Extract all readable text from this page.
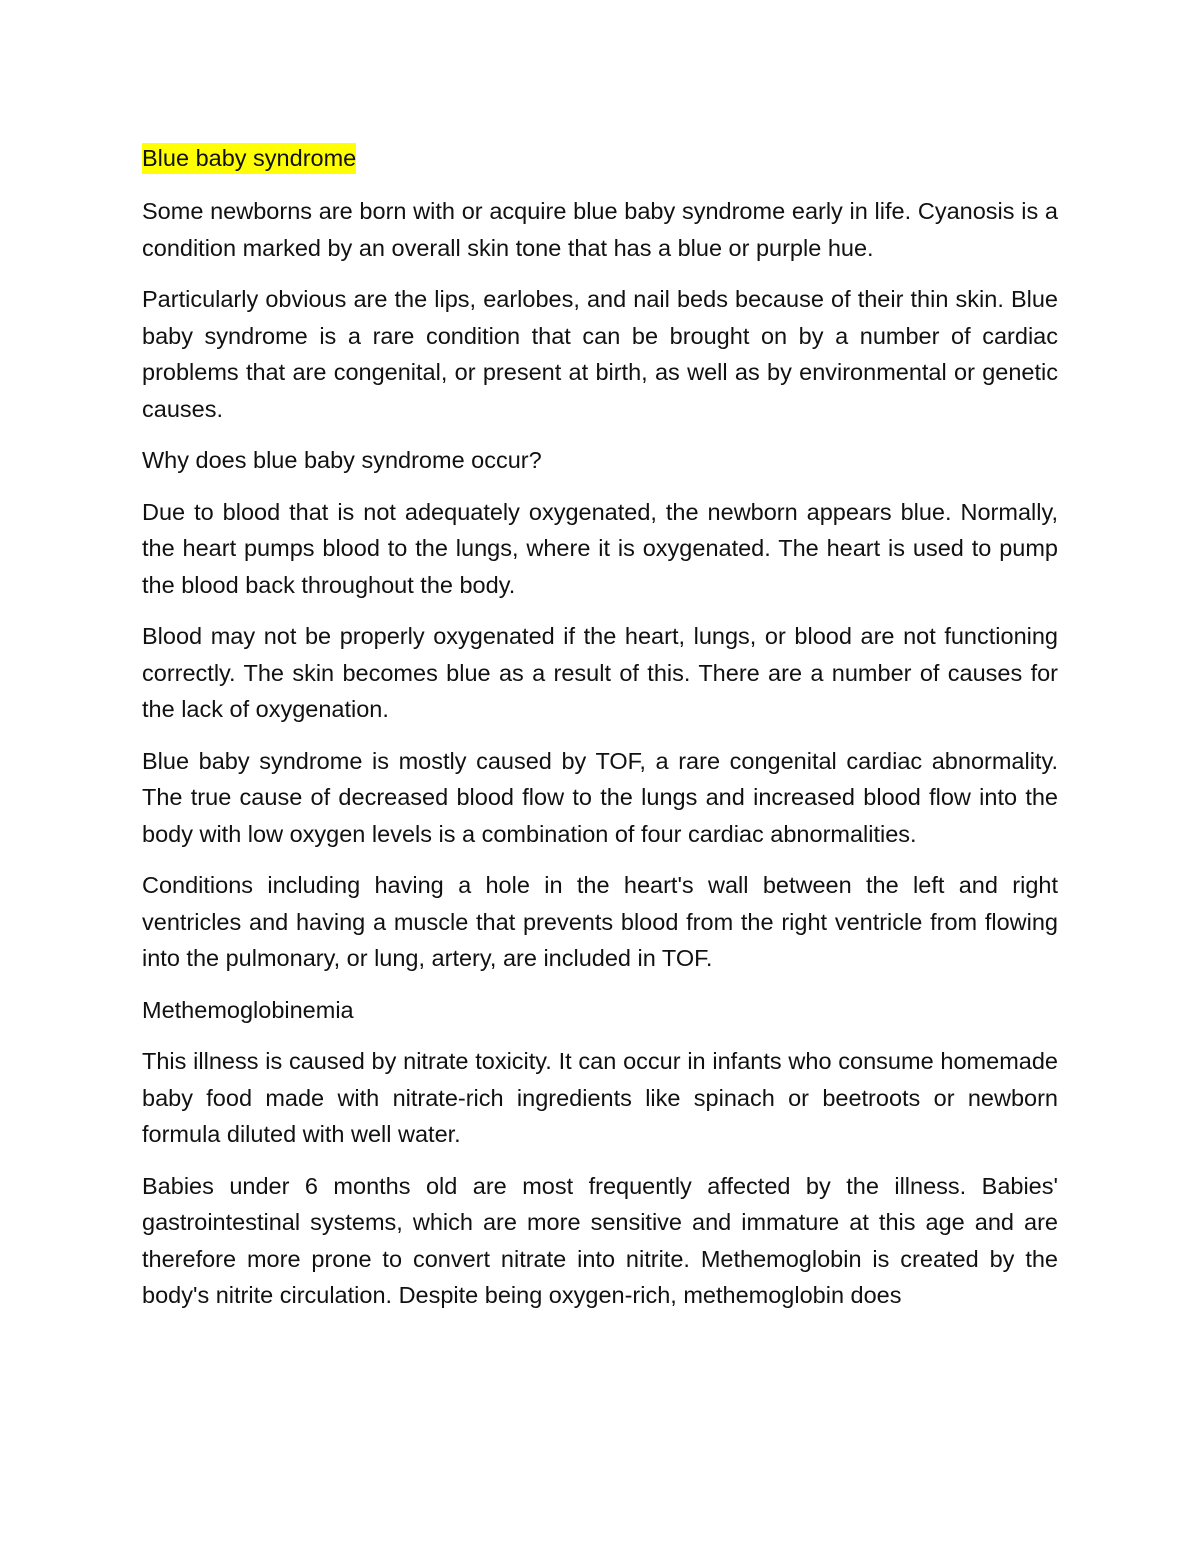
Blue baby syndrome

Some newborns are born with or acquire blue baby syndrome early in life. Cyanosis is a condition marked by an overall skin tone that has a blue or purple hue.

Particularly obvious are the lips, earlobes, and nail beds because of their thin skin. Blue baby syndrome is a rare condition that can be brought on by a number of cardiac problems that are congenital, or present at birth, as well as by environmental or genetic causes.

Why does blue baby syndrome occur?

Due to blood that is not adequately oxygenated, the newborn appears blue. Normally, the heart pumps blood to the lungs, where it is oxygenated. The heart is used to pump the blood back throughout the body.

Blood may not be properly oxygenated if the heart, lungs, or blood are not functioning correctly. The skin becomes blue as a result of this. There are a number of causes for the lack of oxygenation.

Blue baby syndrome is mostly caused by TOF, a rare congenital cardiac abnormality. The true cause of decreased blood flow to the lungs and increased blood flow into the body with low oxygen levels is a combination of four cardiac abnormalities.

Conditions including having a hole in the heart's wall between the left and right ventricles and having a muscle that prevents blood from the right ventricle from flowing into the pulmonary, or lung, artery, are included in TOF.

Methemoglobinemia

This illness is caused by nitrate toxicity. It can occur in infants who consume homemade baby food made with nitrate-rich ingredients like spinach or beetroots or newborn formula diluted with well water.

Babies under 6 months old are most frequently affected by the illness. Babies' gastrointestinal systems, which are more sensitive and immature at this age and are therefore more prone to convert nitrate into nitrite. Methemoglobin is created by the body's nitrite circulation. Despite being oxygen-rich, methemoglobin does
